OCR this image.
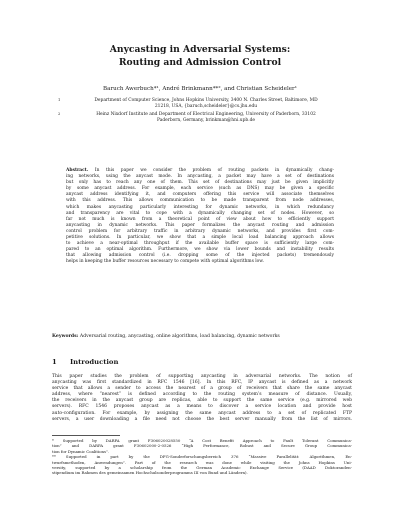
Anycasting in Adversarial Systems:
Routing and Admission Control
Baruch Awerbuch*¹, André Brinkmann**², and Christian Scheideler¹
1	Department of Computer Science, Johns Hopkins University, 3400 N. Charles Street, Baltimore, MD
21218, USA, {baruch,scheideler}@cs.jhu.edu
2	Heinz Nixdorf Institute and Department of Electrical Engineering, University of Paderborn, 33102
Paderborn, Germany, brinkman@hni.upb.de
Abstract. In this paper we consider the problem of routing packets in dynamically chang-
ing networks, using the anycast mode. In anycasting, a packet may have a set of destinations
but only has to reach any one of them. This set of destinations may just be given implicitly
by some anycast address. For example, each service (such as DNS) may be given a specific
anycast address identifying it, and computers offering this service will associate themselves
with this address. This allows communication to be made transparent from node addresses,
which makes anycasting particularly interesting for dynamic networks, in which redundancy
and transparency are vital to cope with a dynamically changing set of nodes. However, so
far not much is known from a theoretical point of view about how to efficiently support
anycasting in dynamic networks. This paper formalizes the anycast routing and admission
control problem for arbitrary traffic in arbitrary dynamic networks, and provides first com-
petitive solutions. In particular, we show that a simple local load balancing approach allows
to achieve a near-optimal throughput if the available buffer space is sufficiently large com-
pared to an optimal algorithm. Furthermore, we show via lower bounds and instability results
that allowing admission control (i.e. dropping some of the injected packets) tremendously
helps in keeping the buffer resources necessary to compete with optimal algorithms low.
Keywords: Adversarial routing, anycasting, online algorithms, load balancing, dynamic networks
1 Introduction
This paper studies the problem of supporting anycasting in adversarial networks. The notion of
anycasting was first standardized in RFC 1546 [16]. In this RFC, IP anycast is defined as a network
service that allows a sender to access the nearest of a group of receivers that share the same anycast
address, where “nearest” is defined according to the routing system’s measure of distance. Usually,
the receivers in the anycast group are replicas, able to support the same service (e.g. mirrored web
servers). RFC 1546 proposes anycast as a means to discover a service location and provide host
auto-configuration. For example, by assigning the same anycast address to a set of replicated FTP
servers, a user downloading a file need not choose the best server manually from the list of mirrors.
* Supported by DARPA grant F306020028550 “A Cost Benefit Approach to Fault Tolerant Communica-
tion” and DARPA grant F30602000-2-0526 “High Performance, Robust and Secure Group Communica-
tion for Dynamic Coalitions”.
** Supported in part by the DFG-Sonderforschungsbereich 376 “Massive Parallelität: Algorithmen, En-
twurfsmethoden, Anwendungen”. Part of the research was done while visiting the Johns Hopkins Uni-
versity, supported by a scholarship from the German Academic Exchange Service (DAAD Doktoranden-
stipendium im Rahmen des gemeinsamen Hochschulsonderprogramms III von Bund und Ländern).
